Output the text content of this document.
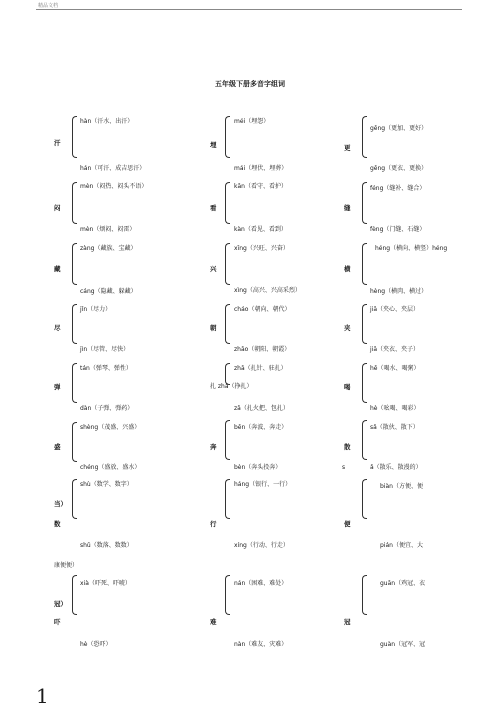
精品文档
五年级下册多音字组词
hàn（汗水、出汗）
汗
hán（可汗、成吉思汗）
mèn（闷热、闷头不语）
闷
mèn（烦闷、闷雷）
zàng（藏族、宝藏）
藏
cáng（隐藏、躲藏）
jǐn（尽力）
尽
jìn（尽管、尽快）
tán（弹琴、弹性）
弹
dàn（子弹、弹药）
shèng（茂盛、兴盛）
盛
chéng（盛放、盛水）
shù（数学、数字）
当）
数
shǔ（数落、数数）
康便便）
xià（吓死、吓唬）
冠）
吓
hè（恐吓）
méi（埋怨）
埋
mái（埋伏、埋葬）
kān（看守、看护）
看
kàn（看见、看到）
xīng（兴旺、兴奋）
兴
xìng（高兴、兴高采烈）
cháo（朝向、朝代）
朝
zhāo（朝阳、朝霞）
zhā（扎针、驻扎）
扎 zhá（挣扎）
zā（扎火把、包扎）
bēn（奔波、奔走）
奔
bèn（奔头投奔）	s
háng（银行、一行）
行
xíng（行动、行走）
nán（困难、难处）
难
nàn（难友、灾难）
gēng（更加、更好）
更
gēng（更衣、更换）
féng（缝补、缝合）
缝
fèng（门缝、石缝）
héng（横向、横竖）héng
横
hèng（横肉、横过）
jiā（夹心、夹层）
夹
jiā（夹衣、夹子）
hē（喝水、喝粥）
喝
hè（吆喝、喝彩）
sǎ（散伙、散下）
散
ǎ（散乐、散漫的）
biàn（方便、便
便
pián（便宜、大
guān（鸡冠、衣
冠
guàn（冠军、冠
1
